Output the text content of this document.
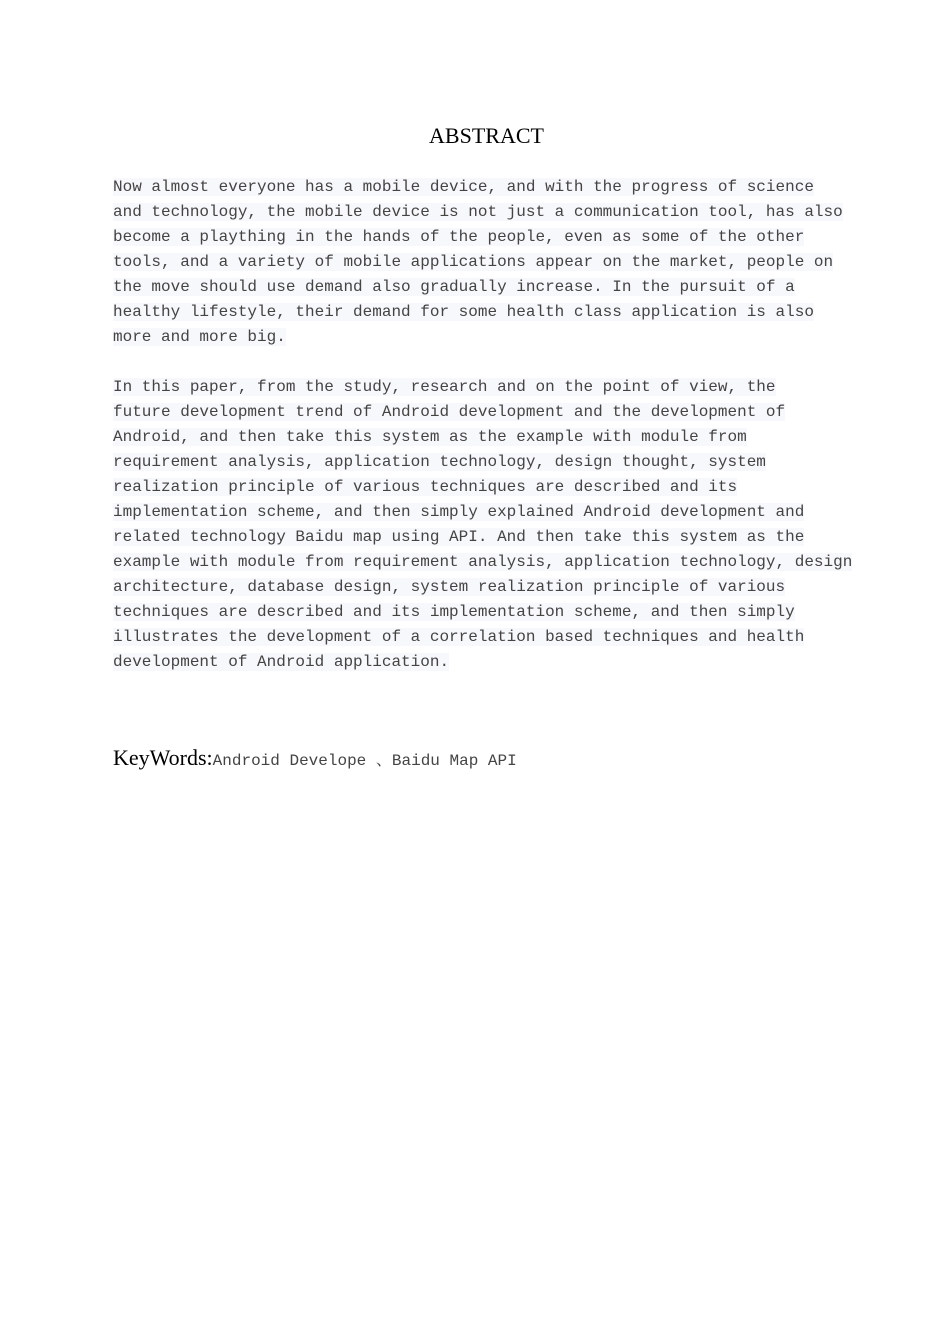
ABSTRACT

Now almost everyone has a mobile device, and with the progress of science
and technology, the mobile device is not just a communication tool, has also
become a plaything in the hands of the people, even as some of the other
tools, and a variety of mobile applications appear on the market, people on
the move should use demand also gradually increase. In the pursuit of a
healthy lifestyle, their demand for some health class application is also
more and more big.

In this paper, from the study, research and on the point of view, the
future development trend of Android development and the development of
Android, and then take this system as the example with module from
requirement analysis, application technology, design thought, system
realization principle of various techniques are described and its
implementation scheme, and then simply explained Android development and
related technology Baidu map using API. And then take this system as the
example with module from requirement analysis, application technology, design
architecture, database design, system realization principle of various
techniques are described and its implementation scheme, and then simply
illustrates the development of a correlation based techniques and health
development of Android application.

KeyWords:Android Develope 、Baidu Map API
